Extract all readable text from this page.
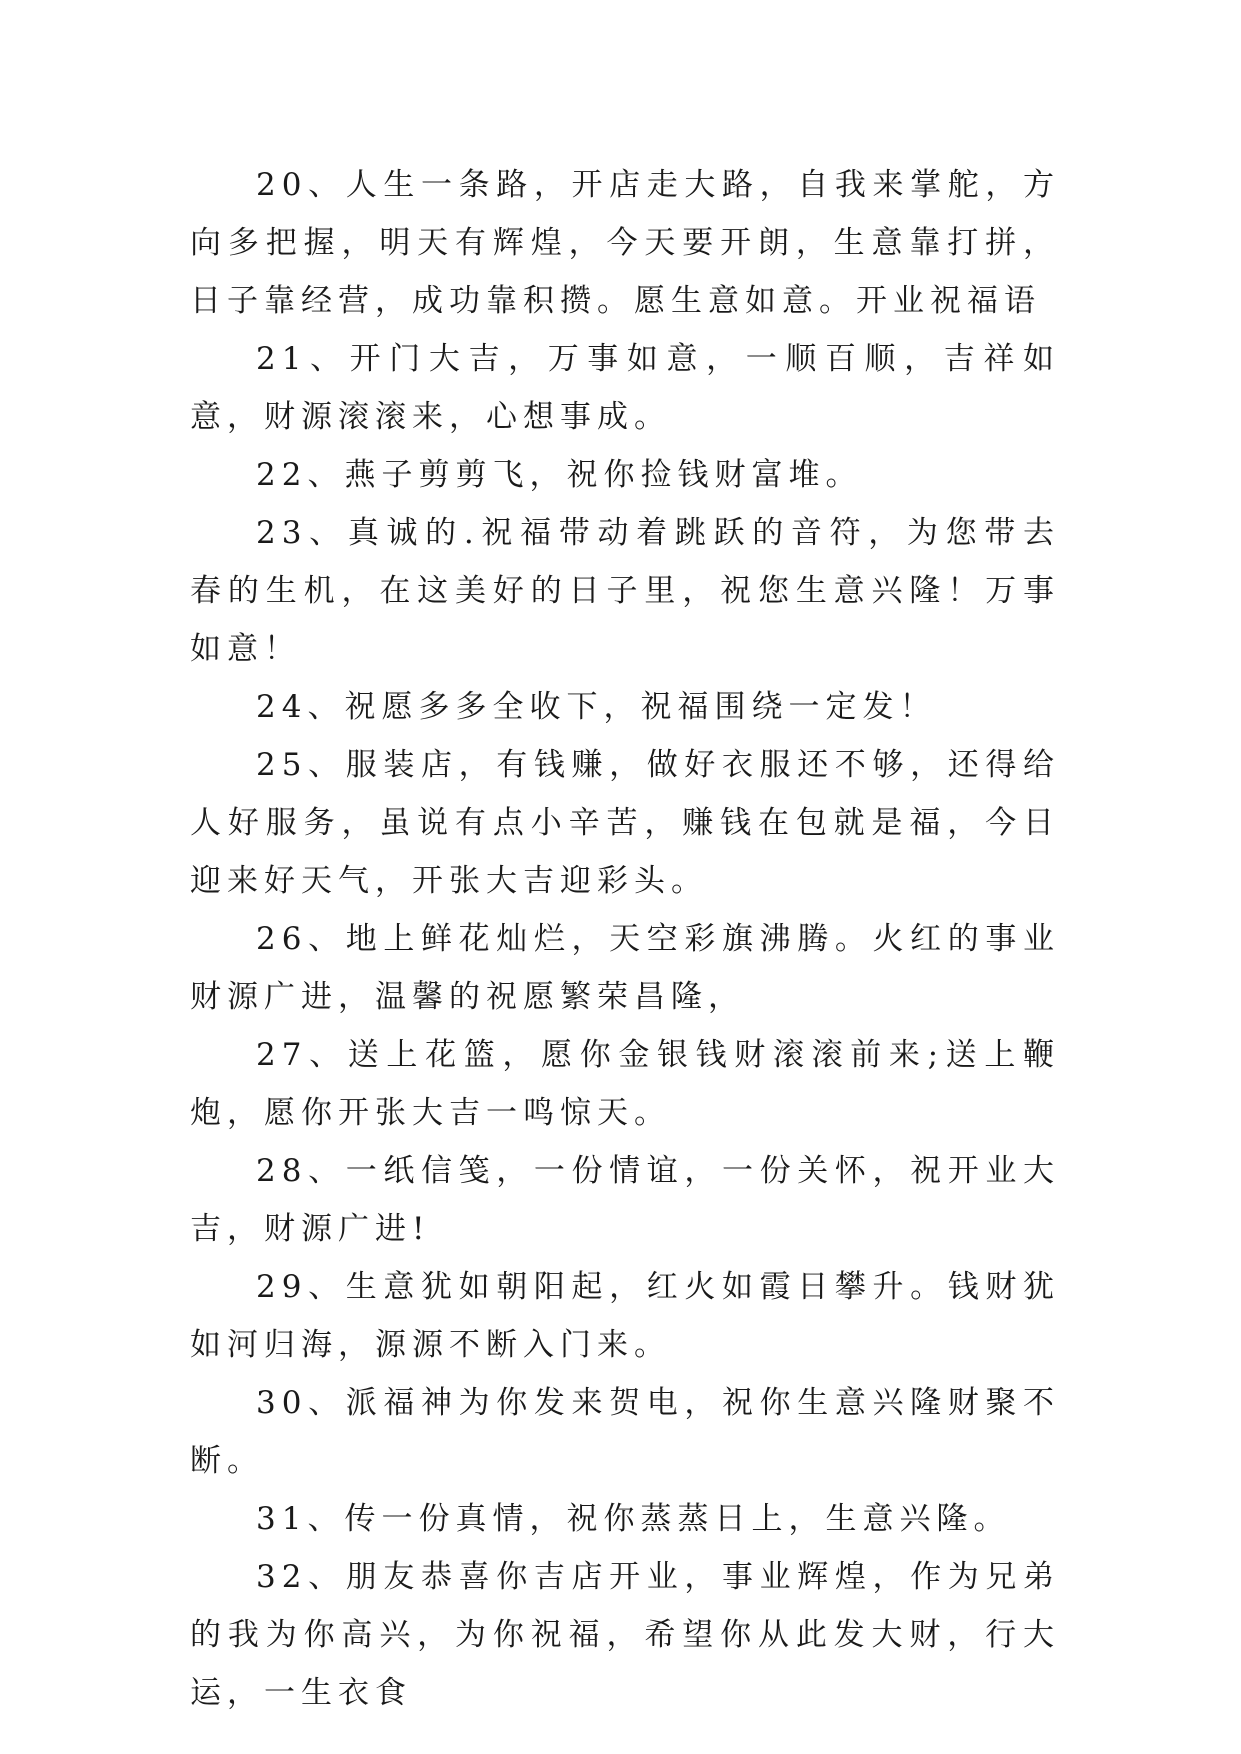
20、人生一条路，开店走大路，自我来掌舵，方向多把握，明天有辉煌，今天要开朗，生意靠打拼，日子靠经营，成功靠积攒。愿生意如意。开业祝福语

21、开门大吉，万事如意，一顺百顺，吉祥如意，财源滚滚来，心想事成。

22、燕子剪剪飞，祝你捡钱财富堆。

23、真诚的.祝福带动着跳跃的音符，为您带去春的生机，在这美好的日子里，祝您生意兴隆！万事如意！

24、祝愿多多全收下，祝福围绕一定发！

25、服装店，有钱赚，做好衣服还不够，还得给人好服务，虽说有点小辛苦，赚钱在包就是福，今日迎来好天气，开张大吉迎彩头。

26、地上鲜花灿烂，天空彩旗沸腾。火红的事业财源广进，温馨的祝愿繁荣昌隆，

27、送上花篮，愿你金银钱财滚滚前来;送上鞭炮，愿你开张大吉一鸣惊天。

28、一纸信笺，一份情谊，一份关怀，祝开业大吉，财源广进!

29、生意犹如朝阳起，红火如霞日攀升。钱财犹如河归海，源源不断入门来。

30、派福神为你发来贺电，祝你生意兴隆财聚不断。

31、传一份真情，祝你蒸蒸日上，生意兴隆。

32、朋友恭喜你吉店开业，事业辉煌，作为兄弟的我为你高兴，为你祝福，希望你从此发大财，行大运，一生衣食
